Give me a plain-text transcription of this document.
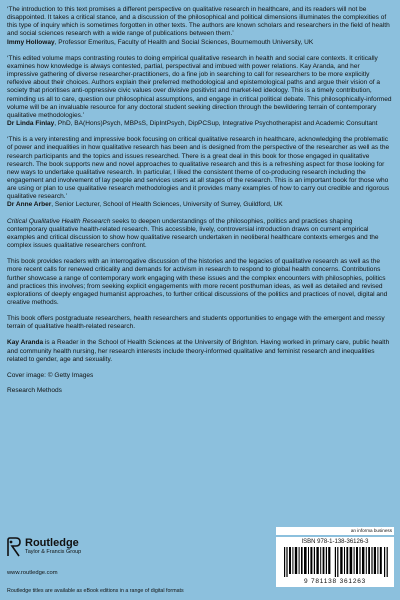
‘The introduction to this text promises a different perspective on qualitative research in healthcare, and its readers will not be disappointed. It takes a critical stance, and a discussion of the philosophical and political dimensions illuminates the complexities of this type of inquiry which is sometimes forgotten in other texts. The authors are known scholars and researchers in the field of health and social sciences research with a wide range of publications between them.’

Immy Holloway, Professor Emeritus, Faculty of Health and Social Sciences, Bournemouth University, UK

‘This edited volume maps contrasting routes to doing empirical qualitative research in health and social care contexts. It critically examines how knowledge is always contested, partial, perspectival and imbued with power relations. Kay Aranda, and her impressive gathering of diverse researcher-practitioners, do a fine job in searching to call for researchers to be more explicitly reflexive about their choices. Authors explain their preferred methodological and epistemological paths and argue their vision of a society that prioritises anti-oppressive civic values over divisive positivist and market-led ideology. This is a timely contribution, reminding us all to care, question our philosophical assumptions, and engage in critical political debate. This philosophically-informed volume will be an invaluable resource for any doctoral student seeking direction through the bewildering terrain of contemporary qualitative methodologies.’

Dr Linda Finlay, PhD, BA(Hons)Psych, MBPsS, DipIntPsych, DipPCSup, Integrative Psychotherapist and Academic Consultant

‘This is a very interesting and impressive book focusing on critical qualitative research in healthcare, acknowledging the problematic of power and inequalities in how qualitative research has been and is designed from the perspective of the researcher as well as the research participants and the topics and issues researched. There is a great deal in this book for those engaged in qualitative research. The book supports new and novel approaches to qualitative research and this is a refreshing aspect for those looking for new ways to undertake qualitative research. In particular, I liked the consistent theme of co-producing research including the engagement and involvement of lay people and services users at all stages of the research. This is an important book for those who are using or plan to use qualitative research methodologies and it provides many examples of how to carry out credible and rigorous qualitative research.’

Dr Anne Arber, Senior Lecturer, School of Health Sciences, University of Surrey, Guildford, UK

Critical Qualitative Health Research seeks to deepen understandings of the philosophies, politics and practices shaping contemporary qualitative health-related research. This accessible, lively, controversial introduction draws on current empirical examples and critical discussion to show how qualitative research undertaken in neoliberal healthcare contexts emerges and the complex issues qualitative researchers confront.

This book provides readers with an interrogative discussion of the histories and the legacies of qualitative research as well as the more recent calls for renewed criticality and demands for activism in research to respond to global health concerns. Contributions further showcase a range of contemporary work engaging with these issues and the complex encounters with philosophies, politics and practices this involves; from seeking explicit engagements with more recent posthuman ideas, as well as detailed and revised explorations of deeply engaged humanist approaches, to further critical discussions of the politics and practices of novel, digital and creative methods.

This book offers postgraduate researchers, health researchers and students opportunities to engage with the emergent and messy terrain of qualitative health-related research.

Kay Aranda is a Reader in the School of Health Sciences at the University of Brighton. Having worked in primary care, public health and community health nursing, her research interests include theory-informed qualitative and feminist research and inequalities related to gender, age and sexuality.

Cover image: © Getty Images

Research Methods

Routledge
Taylor & Francis Group
www.routledge.com
Routledge titles are available as eBook editions in a range of digital formats
an informa business
ISBN 978-1-138-36126-3
9 781138 361263
